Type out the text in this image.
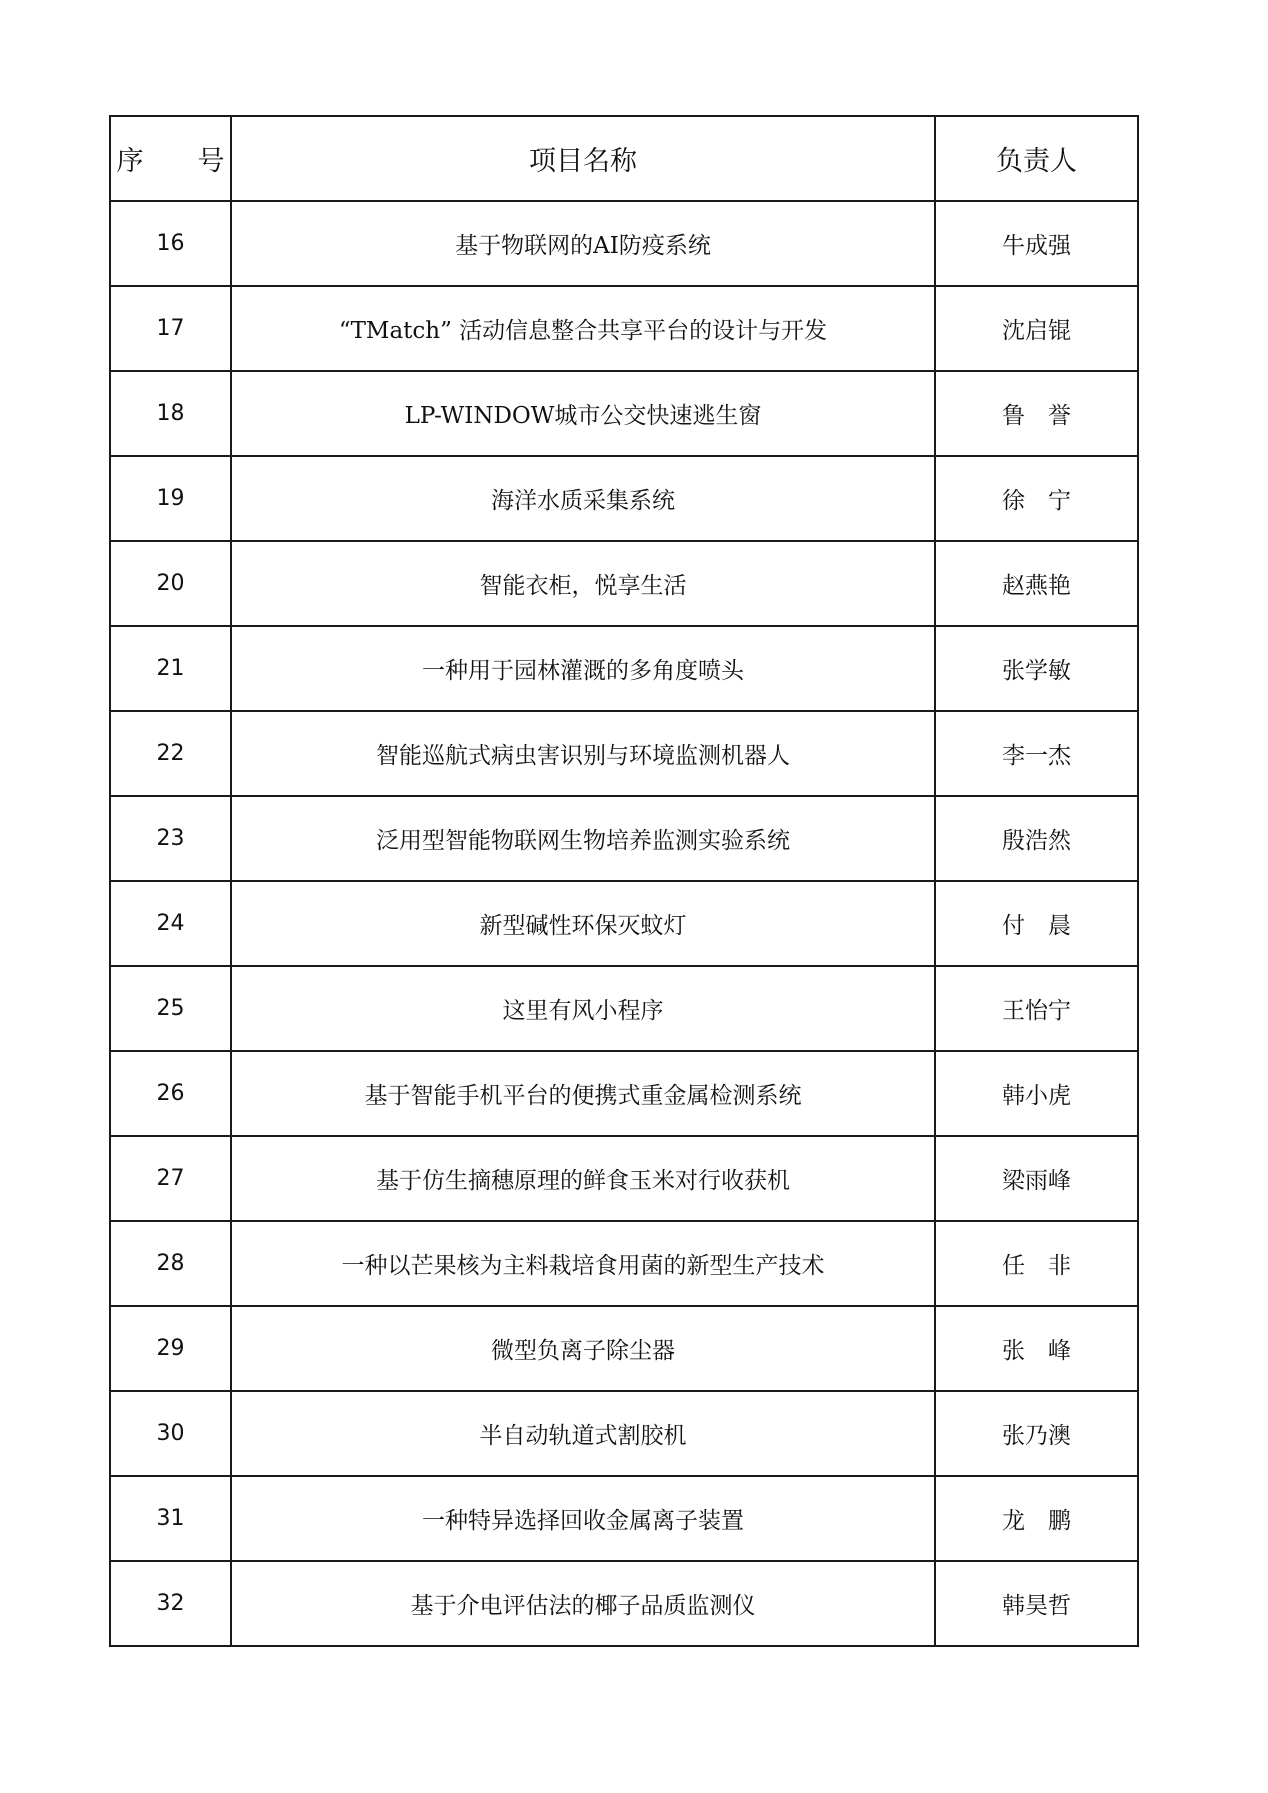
序　　号	项目名称	负责人
16	基于物联网的AI防疫系统	牛成强
17	“TMatch” 活动信息整合共享平台的设计与开发	沈启锟
18	LP-WINDOW城市公交快速逃生窗	鲁　誉
19	海洋水质采集系统	徐　宁
20	智能衣柜，悦享生活	赵燕艳
21	一种用于园林灌溉的多角度喷头	张学敏
22	智能巡航式病虫害识别与环境监测机器人	李一杰
23	泛用型智能物联网生物培养监测实验系统	殷浩然
24	新型碱性环保灭蚊灯	付　晨
25	这里有风小程序	王怡宁
26	基于智能手机平台的便携式重金属检测系统	韩小虎
27	基于仿生摘穗原理的鲜食玉米对行收获机	梁雨峰
28	一种以芒果核为主料栽培食用菌的新型生产技术	任　非
29	微型负离子除尘器	张　峰
30	半自动轨道式割胶机	张乃澳
31	一种特异选择回收金属离子装置	龙　鹏
32	基于介电评估法的椰子品质监测仪	韩昊哲
